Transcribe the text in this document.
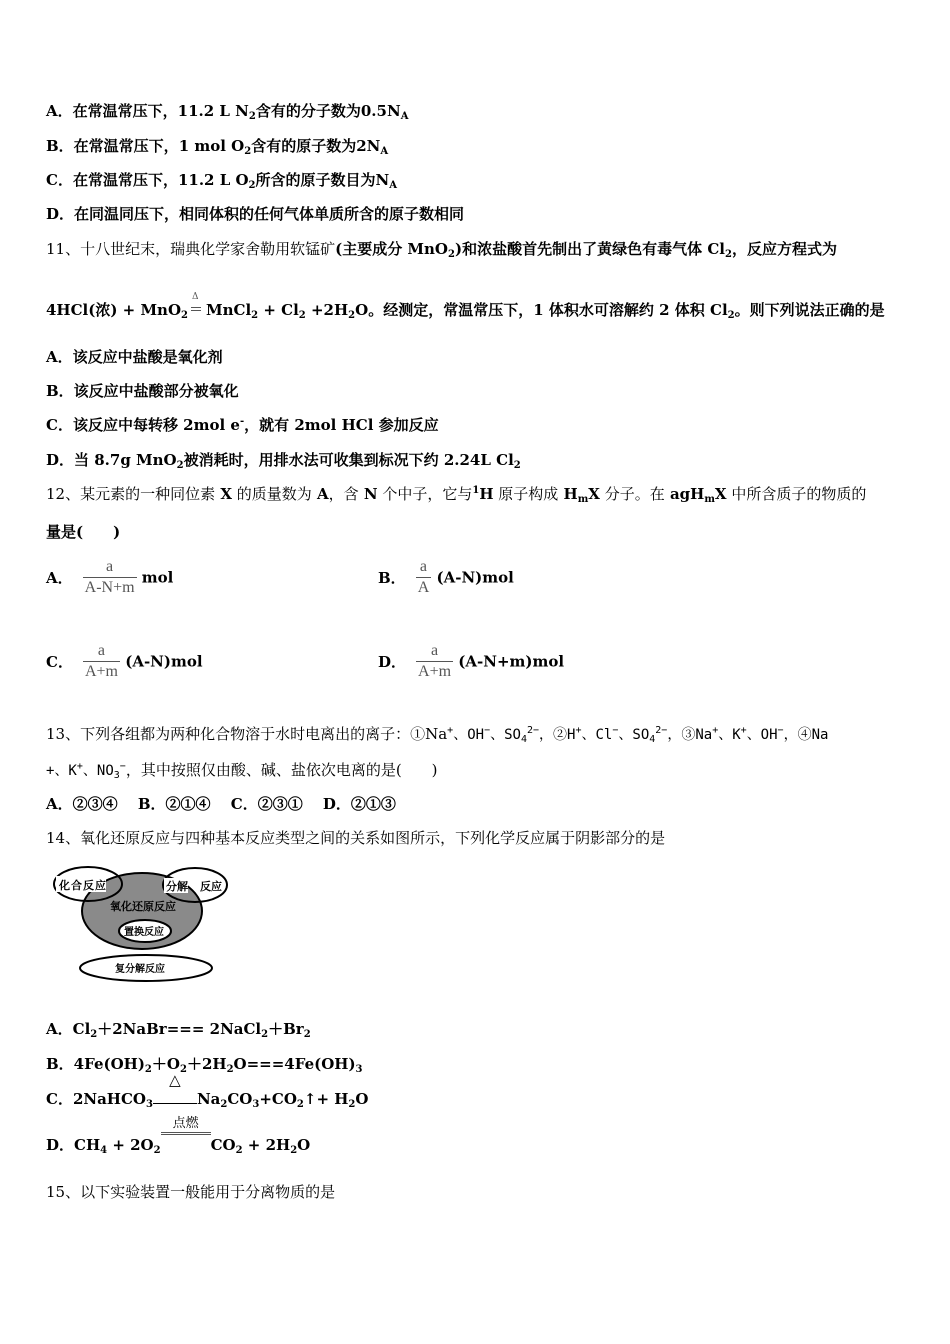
A．在常温常压下，11.2 L $N_2$含有的分子数为$0.5N_A$
B．在常温常压下，1 mol $O_2$含有的原子数为$2N_A$
C．在常温常压下，11.2 L $O_2$所含的原子数目为$N_A$
D．在同温同压下，相同体积的任何气体单质所含的原子数相同
11、十八世纪末，瑞典化学家舍勒用软锰矿(主要成分 MnO$_2$)和浓盐酸首先制出了黄绿色有毒气体 $Cl_2$，反应方程式为
4HCl(浓) + MnO$_2$
Δ
MnCl$_2$ + $Cl_2 +2H_2O$。经测定，常温常压下，1 体积水可溶解约 2 体积 $Cl_2$。则下列说法正确的是
A．该反应中盐酸是氧化剂
B．该反应中盐酸部分被氧化
C．该反应中每转移 2mol e-，就有 2mol HCl 参加反应
D．当 8.7g MnO$_2$被消耗时，用排水法可收集到标况下约 2.24L $Cl_2$
12、某元素的一种同位素 X 的质量数为 A，含 N 个中子，它与$^1$H 原子构成 $H_mX$ 分子。在 agH$_m$X 中所含质子的物质的
量是(　　)
A． $\frac{a}{A-N+m}$ mol	B． $\frac{a}{A} (A-N)mol$
C． $\frac{a}{A+m} (A-N)mol$	D． $\frac{a}{A+m} (A-N+m)mol$
13、下列各组都为两种化合物溶于水时电离出的离子：①Na+、OH−、$SO_4^{2-}$，②H+、Cl−、$SO_4^{2-}$，③Na+、K+、OH−，④Na
+、K+、$NO_3^-$，其中按照仅由酸、碱、盐依次电离的是(　　)
A．②③④　 B．②①④　 C．②③①　 D．②①③
14、氧化还原反应与四种基本反应类型之间的关系如图所示，下列化学反应属于阴影部分的是
化合反应	分解 反应
氧化还原反应
置换反应
复分解反应
A．$Cl_2+2NaBr===$ $2NaCl_2+Br_2$
B．$4Fe(OH)_2+O_2+2H_2O===4Fe(OH)_3$
C．2NaHCO$_3$
△
$Na_2CO_3+CO_2↑+ H_2O$
D．$CH_4 + 2O_2$
点燃
$CO_2 + 2H_2O$
15、以下实验装置一般能用于分离物质的是
